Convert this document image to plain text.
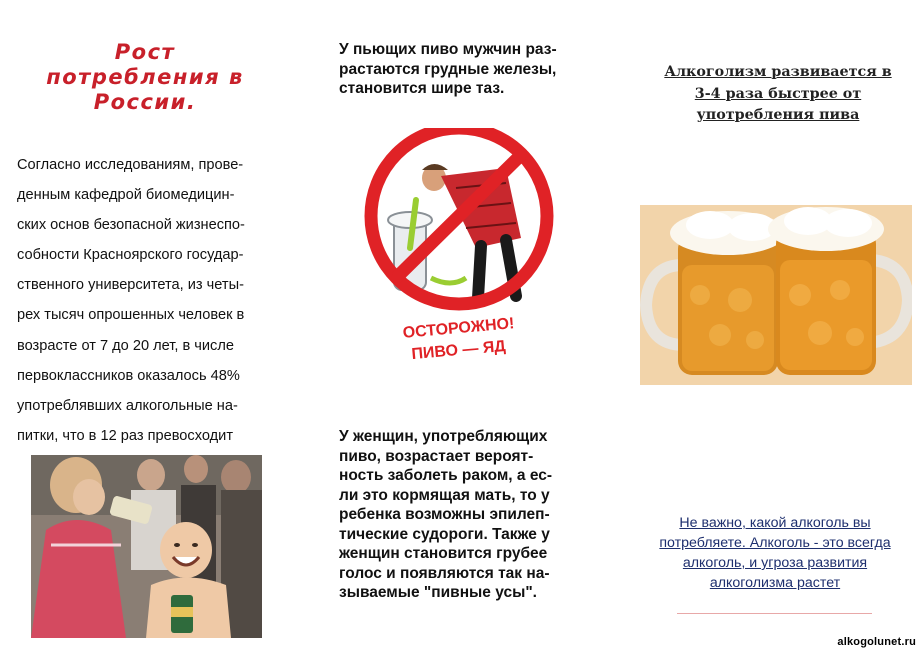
Рост
потребления в
России.
Согласно исследованиям, прове-
денным кафедрой биомедицин-
ских основ безопасной жизнеспо-
собности Красноярского государ-
ственного университета, из четы-
рех тысяч опрошенных человек в
возрасте от 7 до 20 лет, в числе
первоклассников оказалось 48%
употреблявших алкогольные на-
питки, что в 12 раз превосходит
У пьющих пиво мужчин раз-
растаются грудные железы,
становится шире таз.
ОСТОРОЖНО!
ПИВО — ЯД
У женщин, употребляющих
пиво, возрастает вероят-
ность заболеть раком, а ес-
ли это кормящая мать, то у
ребенка возможны эпилеп-
тические судороги. Также у
женщин становится грубее
голос и появляются так на-
зываемые "пивные усы".
Алкоголизм развивается в
3-4 раза быстрее от
употребления пива
Не важно, какой алкоголь вы
потребляете. Алкоголь - это всегда
алкоголь, и угроза развития
алкоголизма растет
alkogolunet.ru
